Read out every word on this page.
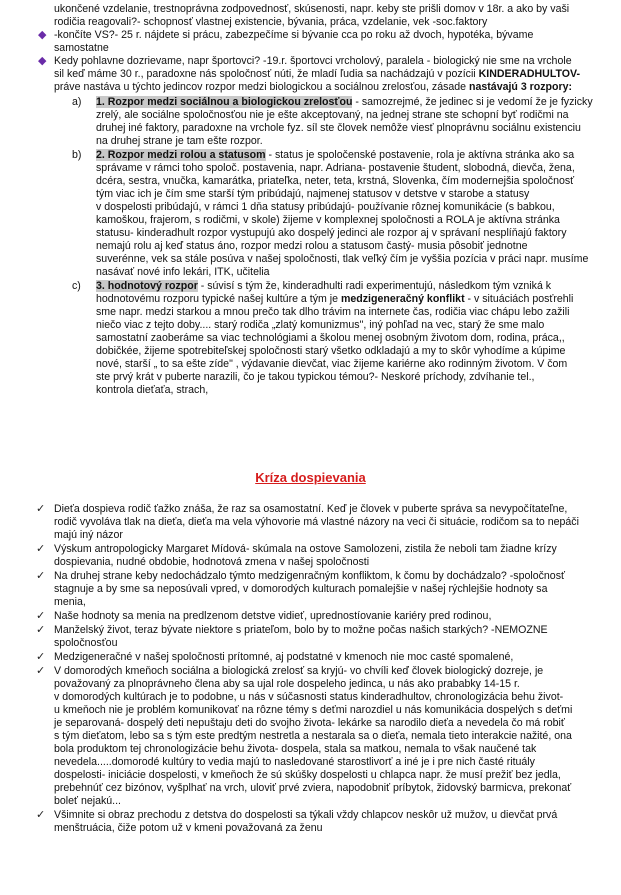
ukončené vzdelanie, trestnoprávna zodpovednosť, skúsenosti, napr. keby ste prišli domov v 18r. a ako by vaši
rodičia reagovali?- schopnosť vlastnej existencie, bývania, práca, vzdelanie, vek -soc.faktory
◆ -končíte VS?- 25 r. nájdete si prácu, zabezpečíme si bývanie cca po roku až dvoch, hypotéka, bývame
samostatne
◆ Kedy pohlavne dozrievame, napr športovci? -19.r. športovci vrcholový, paralela - biologický nie sme na vrchole
sil keď máme 30 r., paradoxne nás spoločnosť núti, že mladí ľudia sa nachádzajú v pozícii KINDERADHULTOV-
práve nastáva u týchto jedincov rozpor medzi biologickou a sociálnou zrelosťou, zásade nastávajú 3 rozpory:
a) 1. Rozpor medzi sociálnou a biologickou zrelosťou - samozrejmé, že jedinec si je vedomí že je fyzicky
zrelý, ale sociálne spoločnosťou nie je ešte akceptovaný, na jednej strane ste schopní byť rodičmi na
druhej iné faktory, paradoxne na vrchole fyz. síl ste človek nemôže viesť plnoprávnu sociálnu existenciu
na druhej strane je tam ešte rozpor.
b) 2. Rozpor medzi rolou a statusom - status je spoločenské postavenie, rola je aktívna stránka ako sa
správame v rámci toho spoloč. postavenia, napr. Adriana- postavenie študent, slobodná, dievča, žena,
dcéra, sestra, vnučka, kamarátka, priateľka, neter, teta, krstná, Slovenka, čím modernejšia spoločnosť
tým viac ich je čím sme starší tým pribúdajú, najmenej statusov v detstve v starobe a statusy
v dospelosti pribúdajú, v rámci 1 dňa statusy pribúdajú- používanie rôznej komunikácie (s babkou,
kamoškou, frajerom, s rodičmi, v skole) žijeme v komplexnej spoločnosti a ROLA je aktívna stránka
statusu- kinderadhult rozpor vystupujú ako dospelý jedinci ale rozpor aj v správaní nesplíňajú faktory
nemajú rolu aj keď status áno, rozpor medzi rolou a statusom častý- musia pôsobiť jednotne
suverénne, vek sa stále posúva v našej spoločnosti, tlak veľký čím je vyššia pozícia v práci napr. musíme
nasávať nové info lekári, ITK, učitelia
c) 3. hodnotový rozpor - súvisí s tým že, kinderadhulti radi experimentujú, následkom tým vzniká k
hodnotovému rozporu typické našej kultúre a tým je medzigeneračný konflikt - v situáciách posťrehli
sme napr. medzi starkou a mnou prečo tak dlho trávim na internete čas, rodičia viac chápu lebo zažili
niečo viac z tejto doby.... starý rodiča „zlatý komunizmus", iný pohľad na vec, starý že sme malo
samostatní zaoberáme sa viac technológiami a školou menej osobným životom dom, rodina, práca,,
dobičkée, žijeme spotrebiteľskej spoločnosti starý všetko odkladajú a my to skôr vyhodíme a kúpime
nové, starší „ to sa ešte zíde" , výdavanie dievčat, viac žijeme kariérne ako rodinným životom. V čom
ste prvý krát v puberte narazili, čo je takou typickou témou?- Neskoré príchody, zdvíhanie tel.,
kontrola dieťaťa, strach,
Kríza dospievania
✓ Dieťa dospieva rodič ťažko znáša, že raz sa osamostatní. Keď je človek v puberte správa sa nevypočítateľne,
rodič vyvoláva tlak na dieťa, dieťa ma vela výhovorie má vlastné názory na veci či situácie, rodičom sa to nepáči
majú iný názor
✓ Výskum antropologicky Margaret Mídová- skúmala na ostove Samolozeni, zistila že neboli tam žiadne krízy
dospievania, nudné obdobie, hodnotová zmena v našej spoločnosti
✓ Na druhej strane keby nedochádzalo týmto medzigenračným konfliktom, k čomu by dochádzalo? -spoločnosť
stagnuje a by sme sa neposúvali vpred, v domorodých kulturach pomalejšie v našej rýchlejšie hodnoty sa
menia,
✓ Naše hodnoty sa menia na predlzenom detstve vidieť, uprednostíovanie kariéry pred rodinou,
✓ Manželský život, teraz bývate niektore s priateľom, bolo by to možne počas našich starkých? -NEMOZNE
spoločnosťou
✓ Medzigeneračné v našej spoločnosti prítomné, aj podstatné v kmenoch nie moc casté spomalené,
✓ V domorodých kmeňoch sociálna a biologická zrelosť sa kryjú- vo chvíli keď človek biologický dozreje, je
považovaný za plnoprávneho člena aby sa ujal role dospeleho jedinca, u nás ako prababky 14-15 r.
v domorodých kultúrach je to podobne, u nás v súčasnosti status kinderadhultov, chronologizácia behu život-
u kmeňoch nie je problém komunikovať na rôzne témy s deťmi narozdiel u nás komunikácia dospelých s deťmi
je separovaná- dospelý deti nepuštaju deti do svojho života- lekárke sa narodilo dieťa a nevedela čo má robiť
s tým dieťatom, lebo sa s tým este predtým nestretla a nestarala sa o dieťa, nemala tieto interakcie nažité, ona
bola produktom tej chronologizácie behu života- dospela, stala sa matkou, nemala to však naučené tak
nevedela.....domorodé kultúry to vedia majú to nasledované starostlivorť a iné je i pre nich časté rituály
dospelosti- iniciácie dospelosti, v kmeňoch že sú skúšky dospelosti u chlapca napr. že musí prežiť bez jedla,
prebehnúť cez bizónov, vyšplhať na vrch, uloviť prvé zviera, napodobniť príbytok, židovský barmicva, prekonať
boleť nejakú...
✓ Všimnite si obraz prechodu z detstva do dospelosti sa týkali vždy chlapcov neskôr už mužov, u dievčat prvá
menštruácia, čiže potom už v kmeni považovaná za ženu
